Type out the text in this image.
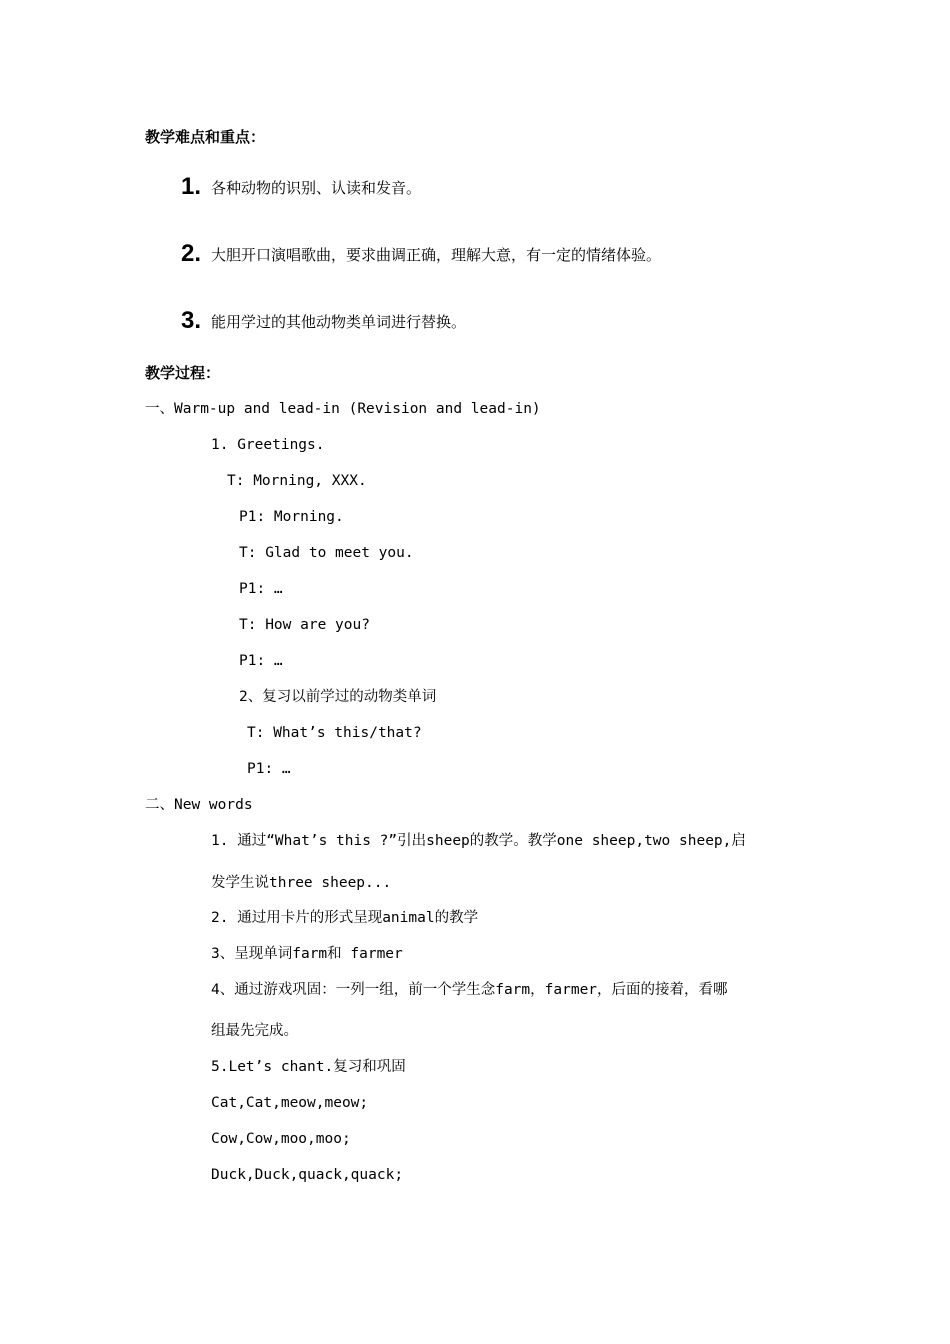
教学难点和重点：
1. 各种动物的识别、认读和发音。
2. 大胆开口演唱歌曲，要求曲调正确，理解大意，有一定的情绪体验。
3. 能用学过的其他动物类单词进行替换。
教学过程：
一、Warm-up and lead-in (Revision and lead-in)
1. Greetings.
T: Morning, XXX.
P1: Morning.
T: Glad to meet you.
P1: …
T: How are you?
P1: …
2、复习以前学过的动物类单词
T: What’s this/that?
P1: …
二、New words
1. 通过“What’s this ?”引出sheep的教学。教学one sheep,two sheep,启
发学生说three sheep...
2. 通过用卡片的形式呈现animal的教学
3、呈现单词farm和 farmer
4、通过游戏巩固：一列一组，前一个学生念farm，farmer，后面的接着，看哪
组最先完成。
5.Let’s chant.复习和巩固
Cat,Cat,meow,meow;
Cow,Cow,moo,moo;
Duck,Duck,quack,quack;
